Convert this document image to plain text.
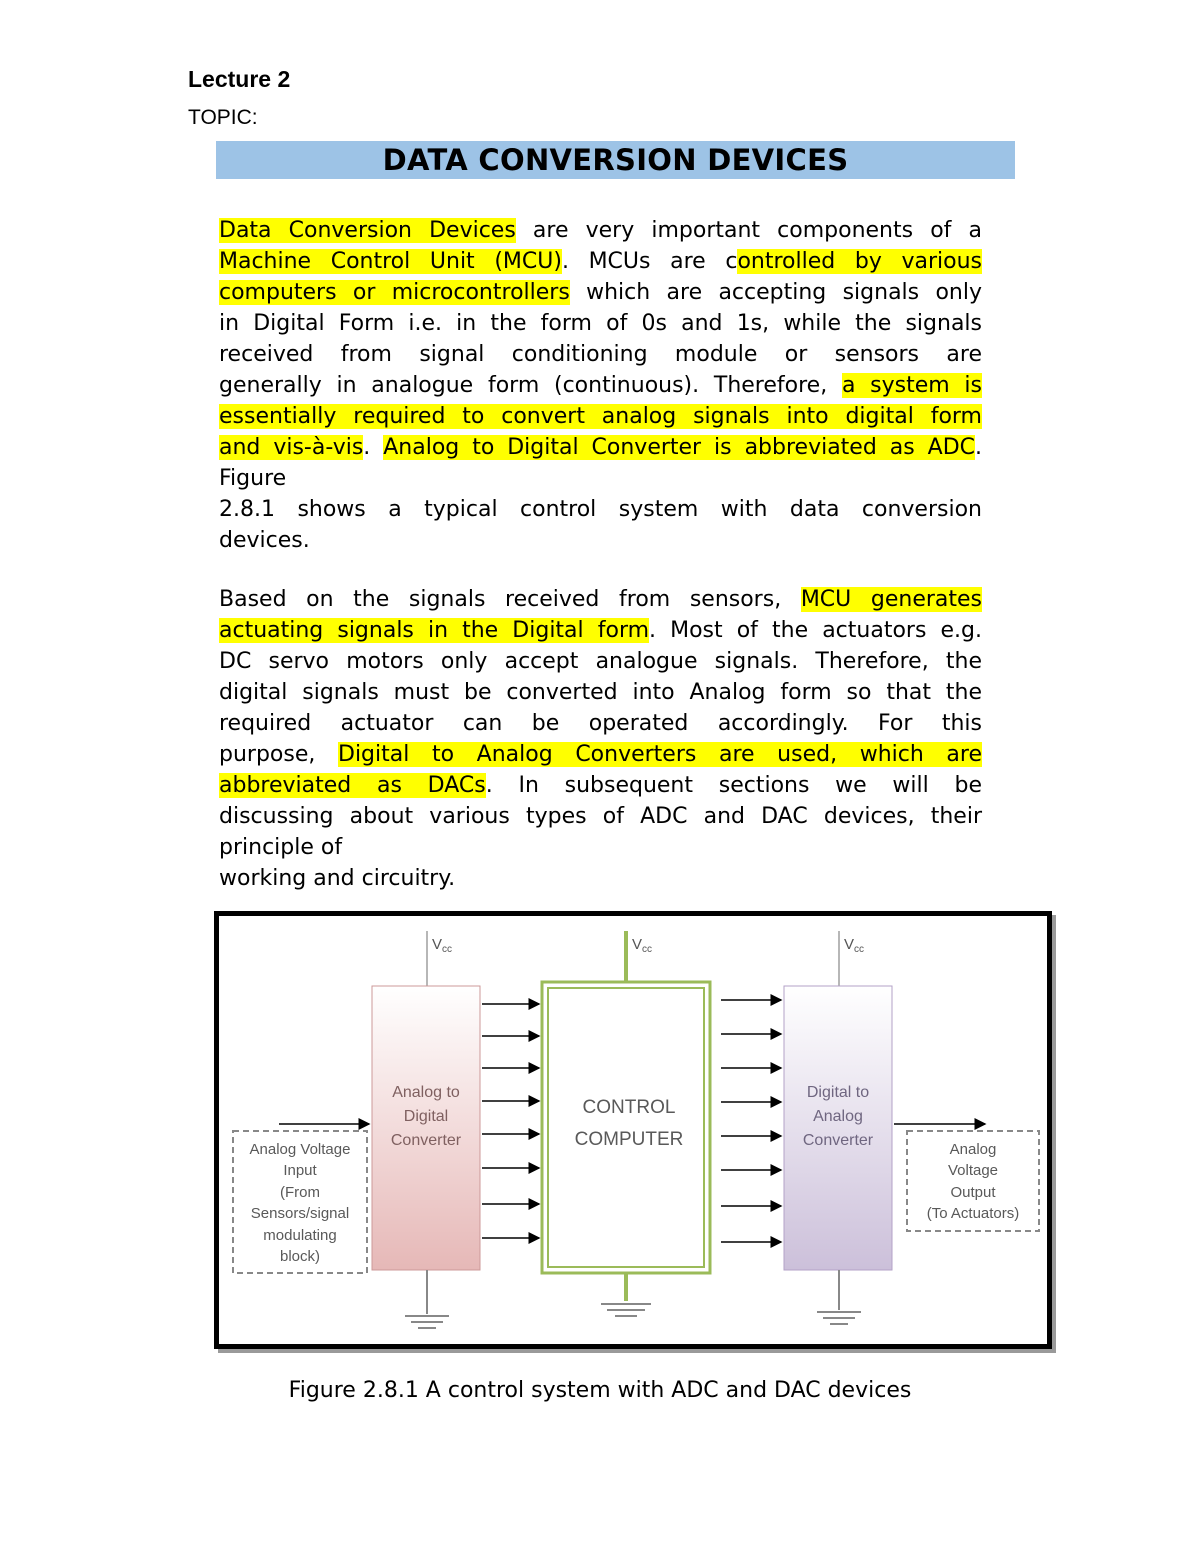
Lecture 2
TOPIC:
DATA CONVERSION DEVICES
Data Conversion Devices are very important components of a
Machine Control Unit (MCU). MCUs are controlled by various
computers or microcontrollers which are accepting signals only
in Digital Form i.e. in the form of 0s and 1s, while the signals
received from signal conditioning module or sensors are
generally in analogue form (continuous). Therefore, a system is
essentially required to convert analog signals into digital form
and vis-à-vis. Analog to Digital Converter is abbreviated as ADC.
Figure
2.8.1 shows a typical control system with data conversion
devices.
Based on the signals received from sensors, MCU generates
actuating signals in the Digital form. Most of the actuators e.g.
DC servo motors only accept analogue signals. Therefore, the
digital signals must be converted into Analog form so that the
required actuator can be operated accordingly. For this
purpose, Digital to Analog Converters are used, which are
abbreviated as DACs. In subsequent sections we will be
discussing about various types of ADC and DAC devices, their
principle of
working and circuitry.
$V_{cc}$	$V_{cc}$	$V_{cc}$
Analog to
Digital
Converter
CONTROL
COMPUTER
Digital to
Analog
Converter
Analog Voltage
Input
(From
Sensors/signal
modulating
block)
Analog
Voltage
Output
(To Actuators)
Figure 2.8.1 A control system with ADC and DAC devices
